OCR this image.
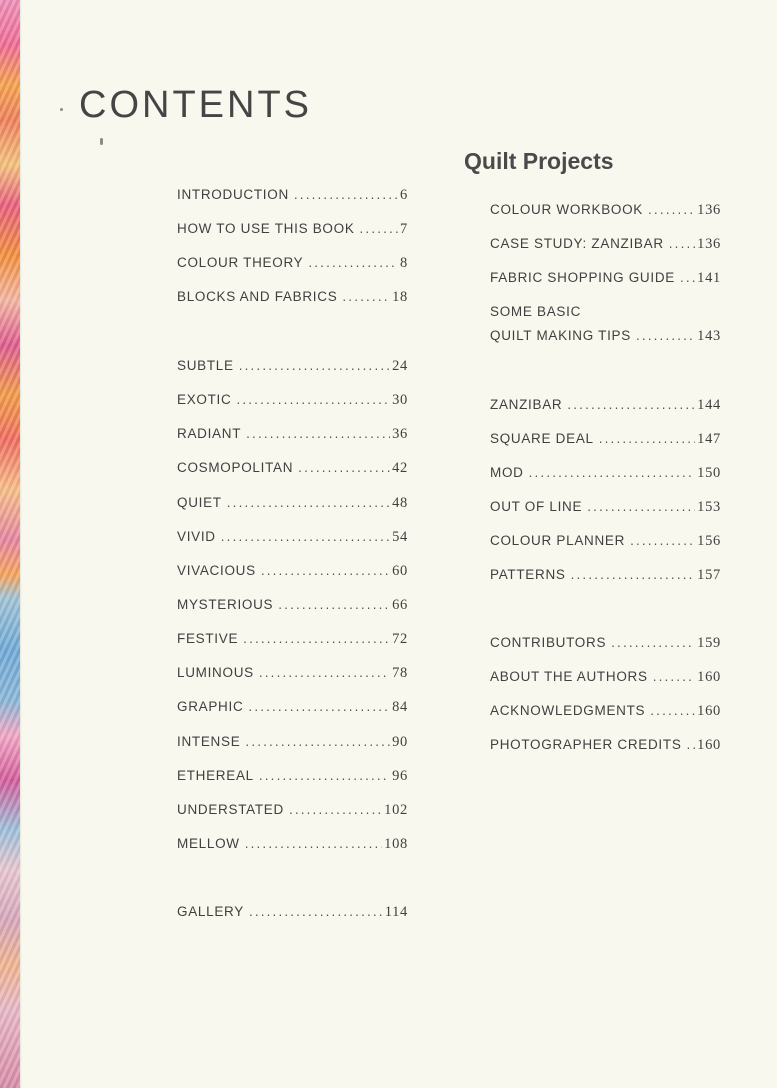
CONTENTS
Quilt Projects
INTRODUCTION . . .	6
HOW TO USE THIS BOOK . . .	7
COLOUR THEORY . . .	8
BLOCKS AND FABRICS . . .	18
SUBTLE . . .	24
EXOTIC . . .	30
RADIANT . . .	36
COSMOPOLITAN . . .	42
QUIET . . .	48
VIVID . . .	54
VIVACIOUS . . .	60
MYSTERIOUS . . .	66
FESTIVE . . .	72
LUMINOUS . . .	78
GRAPHIC . . .	84
INTENSE . . .	90
ETHEREAL . . .	96
UNDERSTATED . . .	102
MELLOW . . .	108
GALLERY . . .	114
COLOUR WORKBOOK . . .	136
CASE STUDY: ZANZIBAR . . . 136
FABRIC SHOPPING GUIDE . . . 141
SOME BASIC
QUILT MAKING TIPS . . .	143
ZANZIBAR . . .	144
SQUARE DEAL . . .	147
MOD . . .	150
OUT OF LINE . . .	153
COLOUR PLANNER . . .	156
PATTERNS . . .	157
CONTRIBUTORS . . .	159
ABOUT THE AUTHORS . . .	160
ACKNOWLEDGMENTS . . .	160
PHOTOGRAPHER CREDITS . . . 160
